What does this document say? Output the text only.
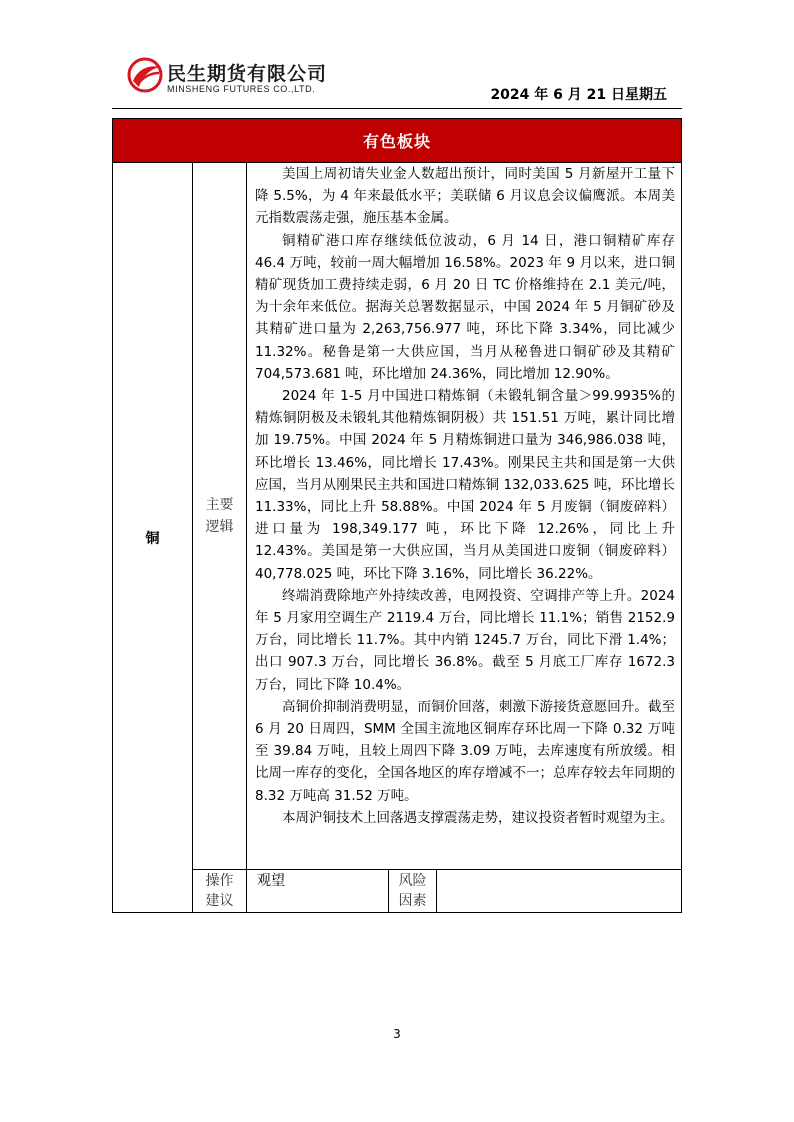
民生期货有限公司
MINSHENG FUTURES CO.,LTD.	2024 年 6 月 21 日星期五
有色板块
铜
主要逻辑

美国上周初请失业金人数超出预计，同时美国 5 月新屋开工量下降 5.5%，为 4 年来最低水平；美联储 6 月议息会议偏鹰派。本周美元指数震荡走强，施压基本金属。

铜精矿港口库存继续低位波动，6 月 14 日，港口铜精矿库存 46.4 万吨，较前一周大幅增加 16.58%。2023 年 9 月以来，进口铜精矿现货加工费持续走弱，6 月 20 日 TC 价格维持在 2.1 美元/吨，为十余年来低位。据海关总署数据显示，中国 2024 年 5 月铜矿砂及其精矿进口量为 2,263,756.977 吨，环比下降 3.34%，同比减少 11.32%。秘鲁是第一大供应国，当月从秘鲁进口铜矿砂及其精矿 704,573.681 吨，环比增加 24.36%，同比增加 12.90%。

2024 年 1-5 月中国进口精炼铜（未锻轧铜含量＞99.9935%的精炼铜阴极及未锻轧其他精炼铜阴极）共 151.51 万吨，累计同比增加 19.75%。中国 2024 年 5 月精炼铜进口量为 346,986.038 吨，环比增长 13.46%，同比增长 17.43%。刚果民主共和国是第一大供应国，当月从刚果民主共和国进口精炼铜 132,033.625 吨，环比增长 11.33%，同比上升 58.88%。中国 2024 年 5 月废铜（铜废碎料）进口量为 198,349.177 吨，环比下降 12.26%，同比上升 12.43%。美国是第一大供应国，当月从美国进口废铜（铜废碎料）40,778.025 吨，环比下降 3.16%，同比增长 36.22%。

终端消费除地产外持续改善，电网投资、空调排产等上升。2024 年 5 月家用空调生产 2119.4 万台，同比增长 11.1%；销售 2152.9 万台，同比增长 11.7%。其中内销 1245.7 万台，同比下滑 1.4%；出口 907.3 万台，同比增长 36.8%。截至 5 月底工厂库存 1672.3 万台，同比下降 10.4%。

高铜价抑制消费明显，而铜价回落，刺激下游接货意愿回升。截至 6 月 20 日周四，SMM 全国主流地区铜库存环比周一下降 0.32 万吨至 39.84 万吨，且较上周四下降 3.09 万吨，去库速度有所放缓。相比周一库存的变化，全国各地区的库存增减不一；总库存较去年同期的 8.32 万吨高 31.52 万吨。

本周沪铜技术上回落遇支撑震荡走势，建议投资者暂时观望为主。

操作建议
观望	风险因素
3
